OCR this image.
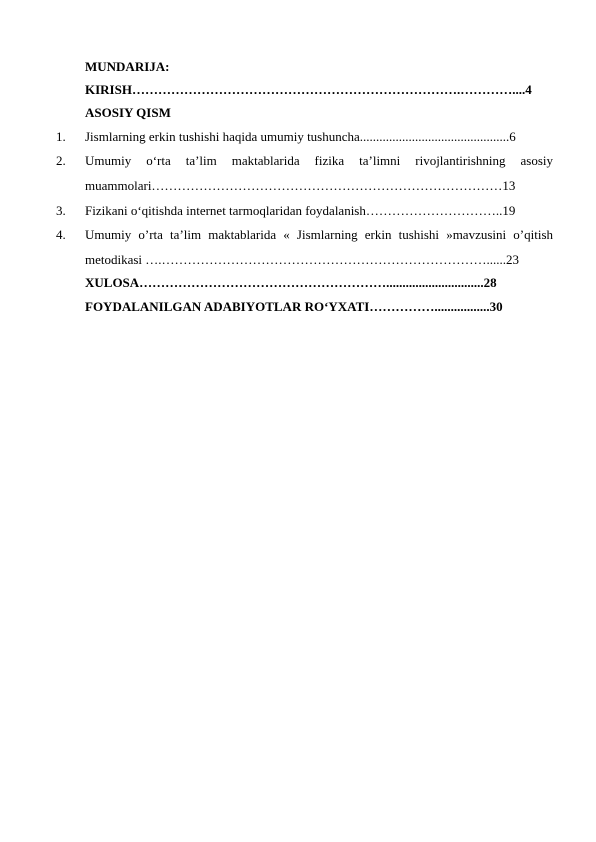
MUNDARIJA:
KIRISH………………………………………………………………….…………....4
ASOSIY QISM
1.	Jismlarning erkin tushishi haqida umumiy tushuncha..............................................6
2.	Umumiy o‘rta ta’lim maktablarida fizika ta’limni rivojlantirishning asosiy
muammolari………………………………………………………………………13
3.	Fizikani o‘qitishda internet tarmoqlaridan foydalanish…………………………..19
4.	Umumiy o’rta ta’lim maktablarida « Jismlarning erkin tushishi »mavzusini o’qitish
metodikasi ….…………………………………………………………………......23
XULOSA…………………………………………………..............................28
FOYDALANILGAN ADABIYOTLAR RO‘YXATI…………….................30
